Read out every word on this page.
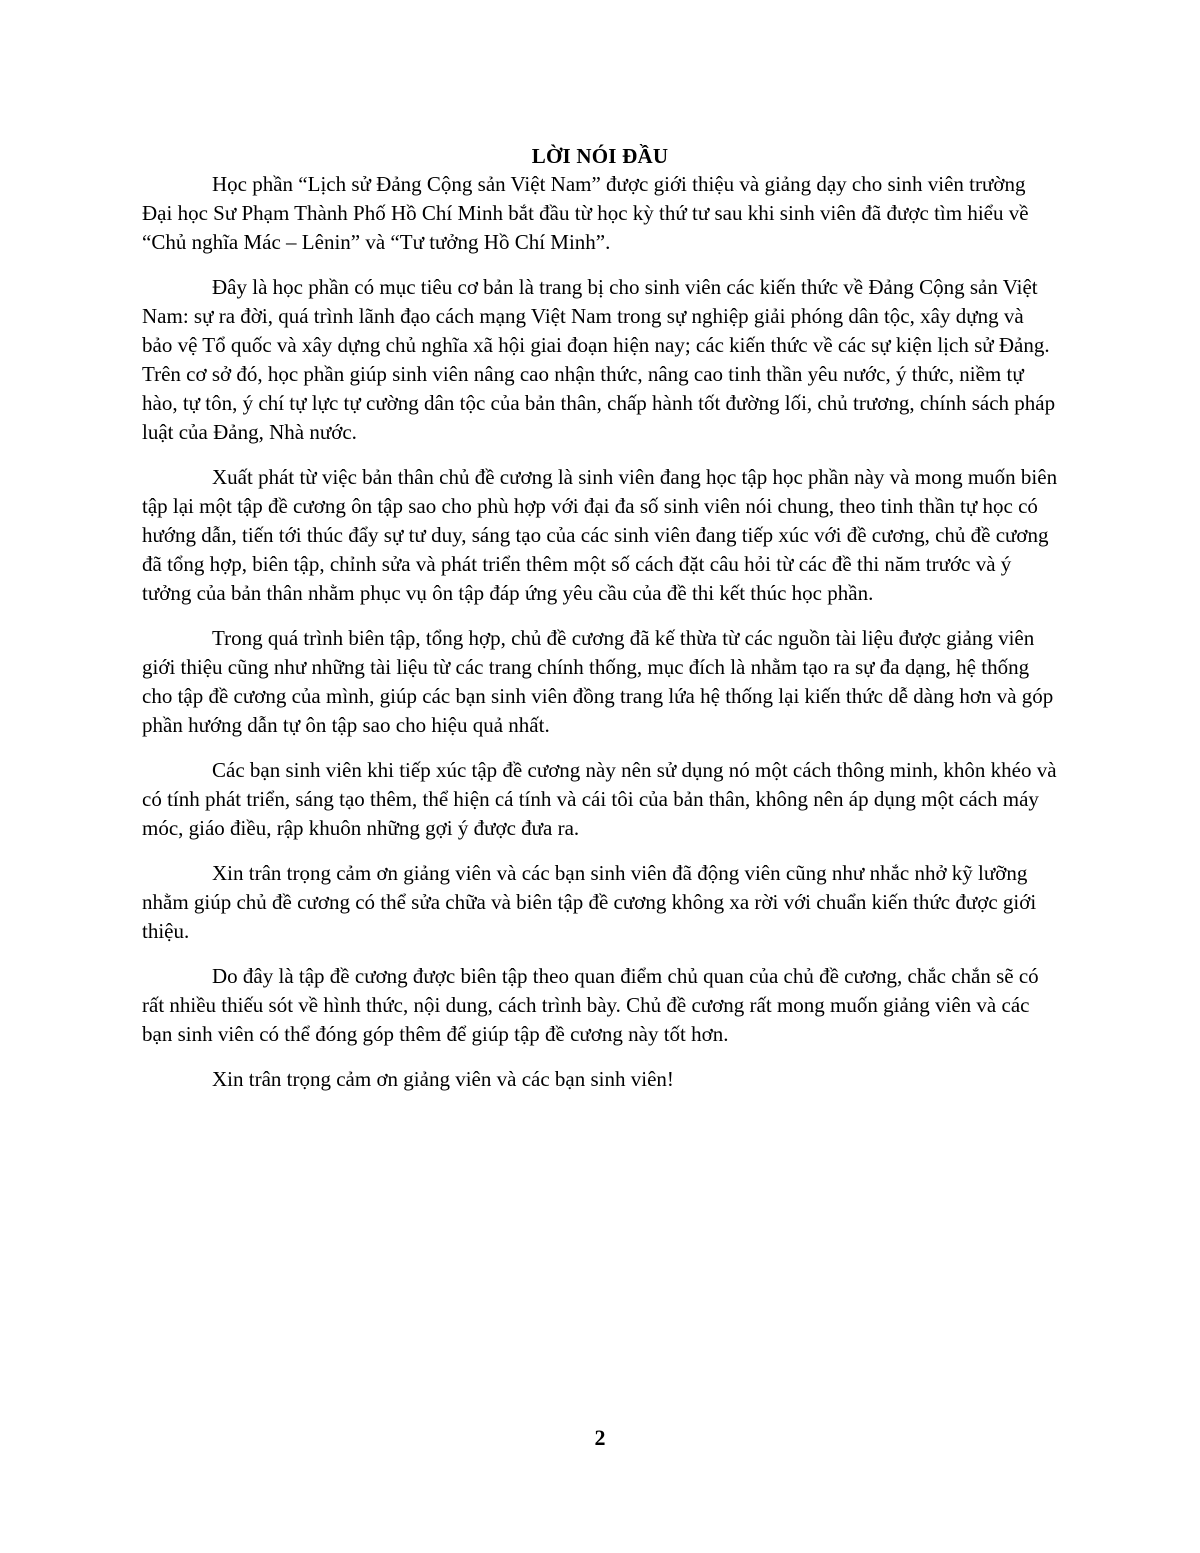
LỜI NÓI ĐẦU

Học phần “Lịch sử Đảng Cộng sản Việt Nam” được giới thiệu và giảng dạy cho sinh viên trường Đại học Sư Phạm Thành Phố Hồ Chí Minh bắt đầu từ học kỳ thứ tư sau khi sinh viên đã được tìm hiểu về “Chủ nghĩa Mác – Lênin” và “Tư tưởng Hồ Chí Minh”.

Đây là học phần có mục tiêu cơ bản là trang bị cho sinh viên các kiến thức về Đảng Cộng sản Việt Nam: sự ra đời, quá trình lãnh đạo cách mạng Việt Nam trong sự nghiệp giải phóng dân tộc, xây dựng và bảo vệ Tổ quốc và xây dựng chủ nghĩa xã hội giai đoạn hiện nay; các kiến thức về các sự kiện lịch sử Đảng. Trên cơ sở đó, học phần giúp sinh viên nâng cao nhận thức, nâng cao tinh thần yêu nước, ý thức, niềm tự hào, tự tôn, ý chí tự lực tự cường dân tộc của bản thân, chấp hành tốt đường lối, chủ trương, chính sách pháp luật của Đảng, Nhà nước.

Xuất phát từ việc bản thân chủ đề cương là sinh viên đang học tập học phần này và mong muốn biên tập lại một tập đề cương ôn tập sao cho phù hợp với đại đa số sinh viên nói chung, theo tinh thần tự học có hướng dẫn, tiến tới thúc đẩy sự tư duy, sáng tạo của các sinh viên đang tiếp xúc với đề cương, chủ đề cương đã tổng hợp, biên tập, chỉnh sửa và phát triển thêm một số cách đặt câu hỏi từ các đề thi năm trước và ý tưởng của bản thân nhằm phục vụ ôn tập đáp ứng yêu cầu của đề thi kết thúc học phần.

Trong quá trình biên tập, tổng hợp, chủ đề cương đã kế thừa từ các nguồn tài liệu được giảng viên giới thiệu cũng như những tài liệu từ các trang chính thống, mục đích là nhằm tạo ra sự đa dạng, hệ thống cho tập đề cương của mình, giúp các bạn sinh viên đồng trang lứa hệ thống lại kiến thức dễ dàng hơn và góp phần hướng dẫn tự ôn tập sao cho hiệu quả nhất.

Các bạn sinh viên khi tiếp xúc tập đề cương này nên sử dụng nó một cách thông minh, khôn khéo và có tính phát triển, sáng tạo thêm, thể hiện cá tính và cái tôi của bản thân, không nên áp dụng một cách máy móc, giáo điều, rập khuôn những gợi ý được đưa ra.

Xin trân trọng cảm ơn giảng viên và các bạn sinh viên đã động viên cũng như nhắc nhở kỹ lưỡng nhằm giúp chủ đề cương có thể sửa chữa và biên tập đề cương không xa rời với chuẩn kiến thức được giới thiệu.

Do đây là tập đề cương được biên tập theo quan điểm chủ quan của chủ đề cương, chắc chắn sẽ có rất nhiều thiếu sót về hình thức, nội dung, cách trình bày. Chủ đề cương rất mong muốn giảng viên và các bạn sinh viên có thể đóng góp thêm để giúp tập đề cương này tốt hơn.

Xin trân trọng cảm ơn giảng viên và các bạn sinh viên!

2
